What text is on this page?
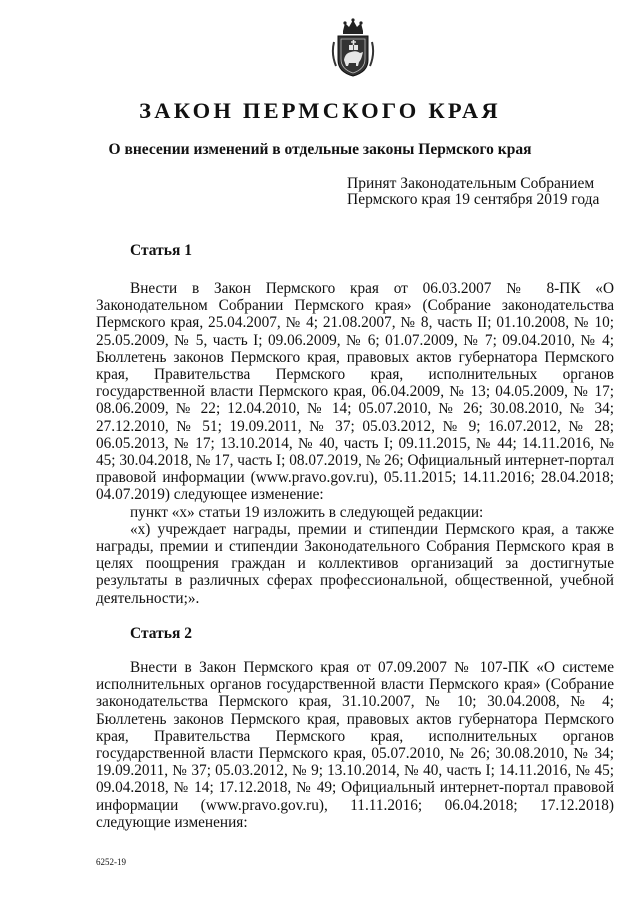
ЗАКОН ПЕРМСКОГО КРАЯ
О внесении изменений в отдельные законы Пермского края
Принят Законодательным Собранием
Пермского края 19 сентября 2019 года
Статья 1

Внести в Закон Пермского края от 06.03.2007 № 8-ПК «О Законодательном Собрании Пермского края» (Собрание законодательства Пермского края, 25.04.2007, № 4; 21.08.2007, № 8, часть II; 01.10.2008, № 10; 25.05.2009, № 5, часть I; 09.06.2009, № 6; 01.07.2009, № 7; 09.04.2010, № 4; Бюллетень законов Пермского края, правовых актов губернатора Пермского края, Правительства Пермского края, исполнительных органов государственной власти Пермского края, 06.04.2009, № 13; 04.05.2009, № 17; 08.06.2009, № 22; 12.04.2010, № 14; 05.07.2010, № 26; 30.08.2010, № 34; 27.12.2010, № 51; 19.09.2011, № 37; 05.03.2012, № 9; 16.07.2012, № 28; 06.05.2013, № 17; 13.10.2014, № 40, часть I; 09.11.2015, № 44; 14.11.2016, № 45; 30.04.2018, № 17, часть I; 08.07.2019, № 26; Официальный интернет-портал правовой информации (www.pravo.gov.ru), 05.11.2015; 14.11.2016; 28.04.2018; 04.07.2019) следующее изменение:

пункт «х» статьи 19 изложить в следующей редакции:

«х) учреждает награды, премии и стипендии Пермского края, а также награды, премии и стипендии Законодательного Собрания Пермского края в целях поощрения граждан и коллективов организаций за достигнутые результаты в различных сферах профессиональной, общественной, учебной деятельности;».

Статья 2

Внести в Закон Пермского края от 07.09.2007 № 107-ПК «О системе исполнительных органов государственной власти Пермского края» (Собрание законодательства Пермского края, 31.10.2007, № 10; 30.04.2008, № 4; Бюллетень законов Пермского края, правовых актов губернатора Пермского края, Правительства Пермского края, исполнительных органов государственной власти Пермского края, 05.07.2010, № 26; 30.08.2010, № 34; 19.09.2011, № 37; 05.03.2012, № 9; 13.10.2014, № 40, часть I; 14.11.2016, № 45; 09.04.2018, № 14; 17.12.2018, № 49; Официальный интернет-портал правовой информации (www.pravo.gov.ru), 11.11.2016; 06.04.2018; 17.12.2018) следующие изменения:

6252-19
